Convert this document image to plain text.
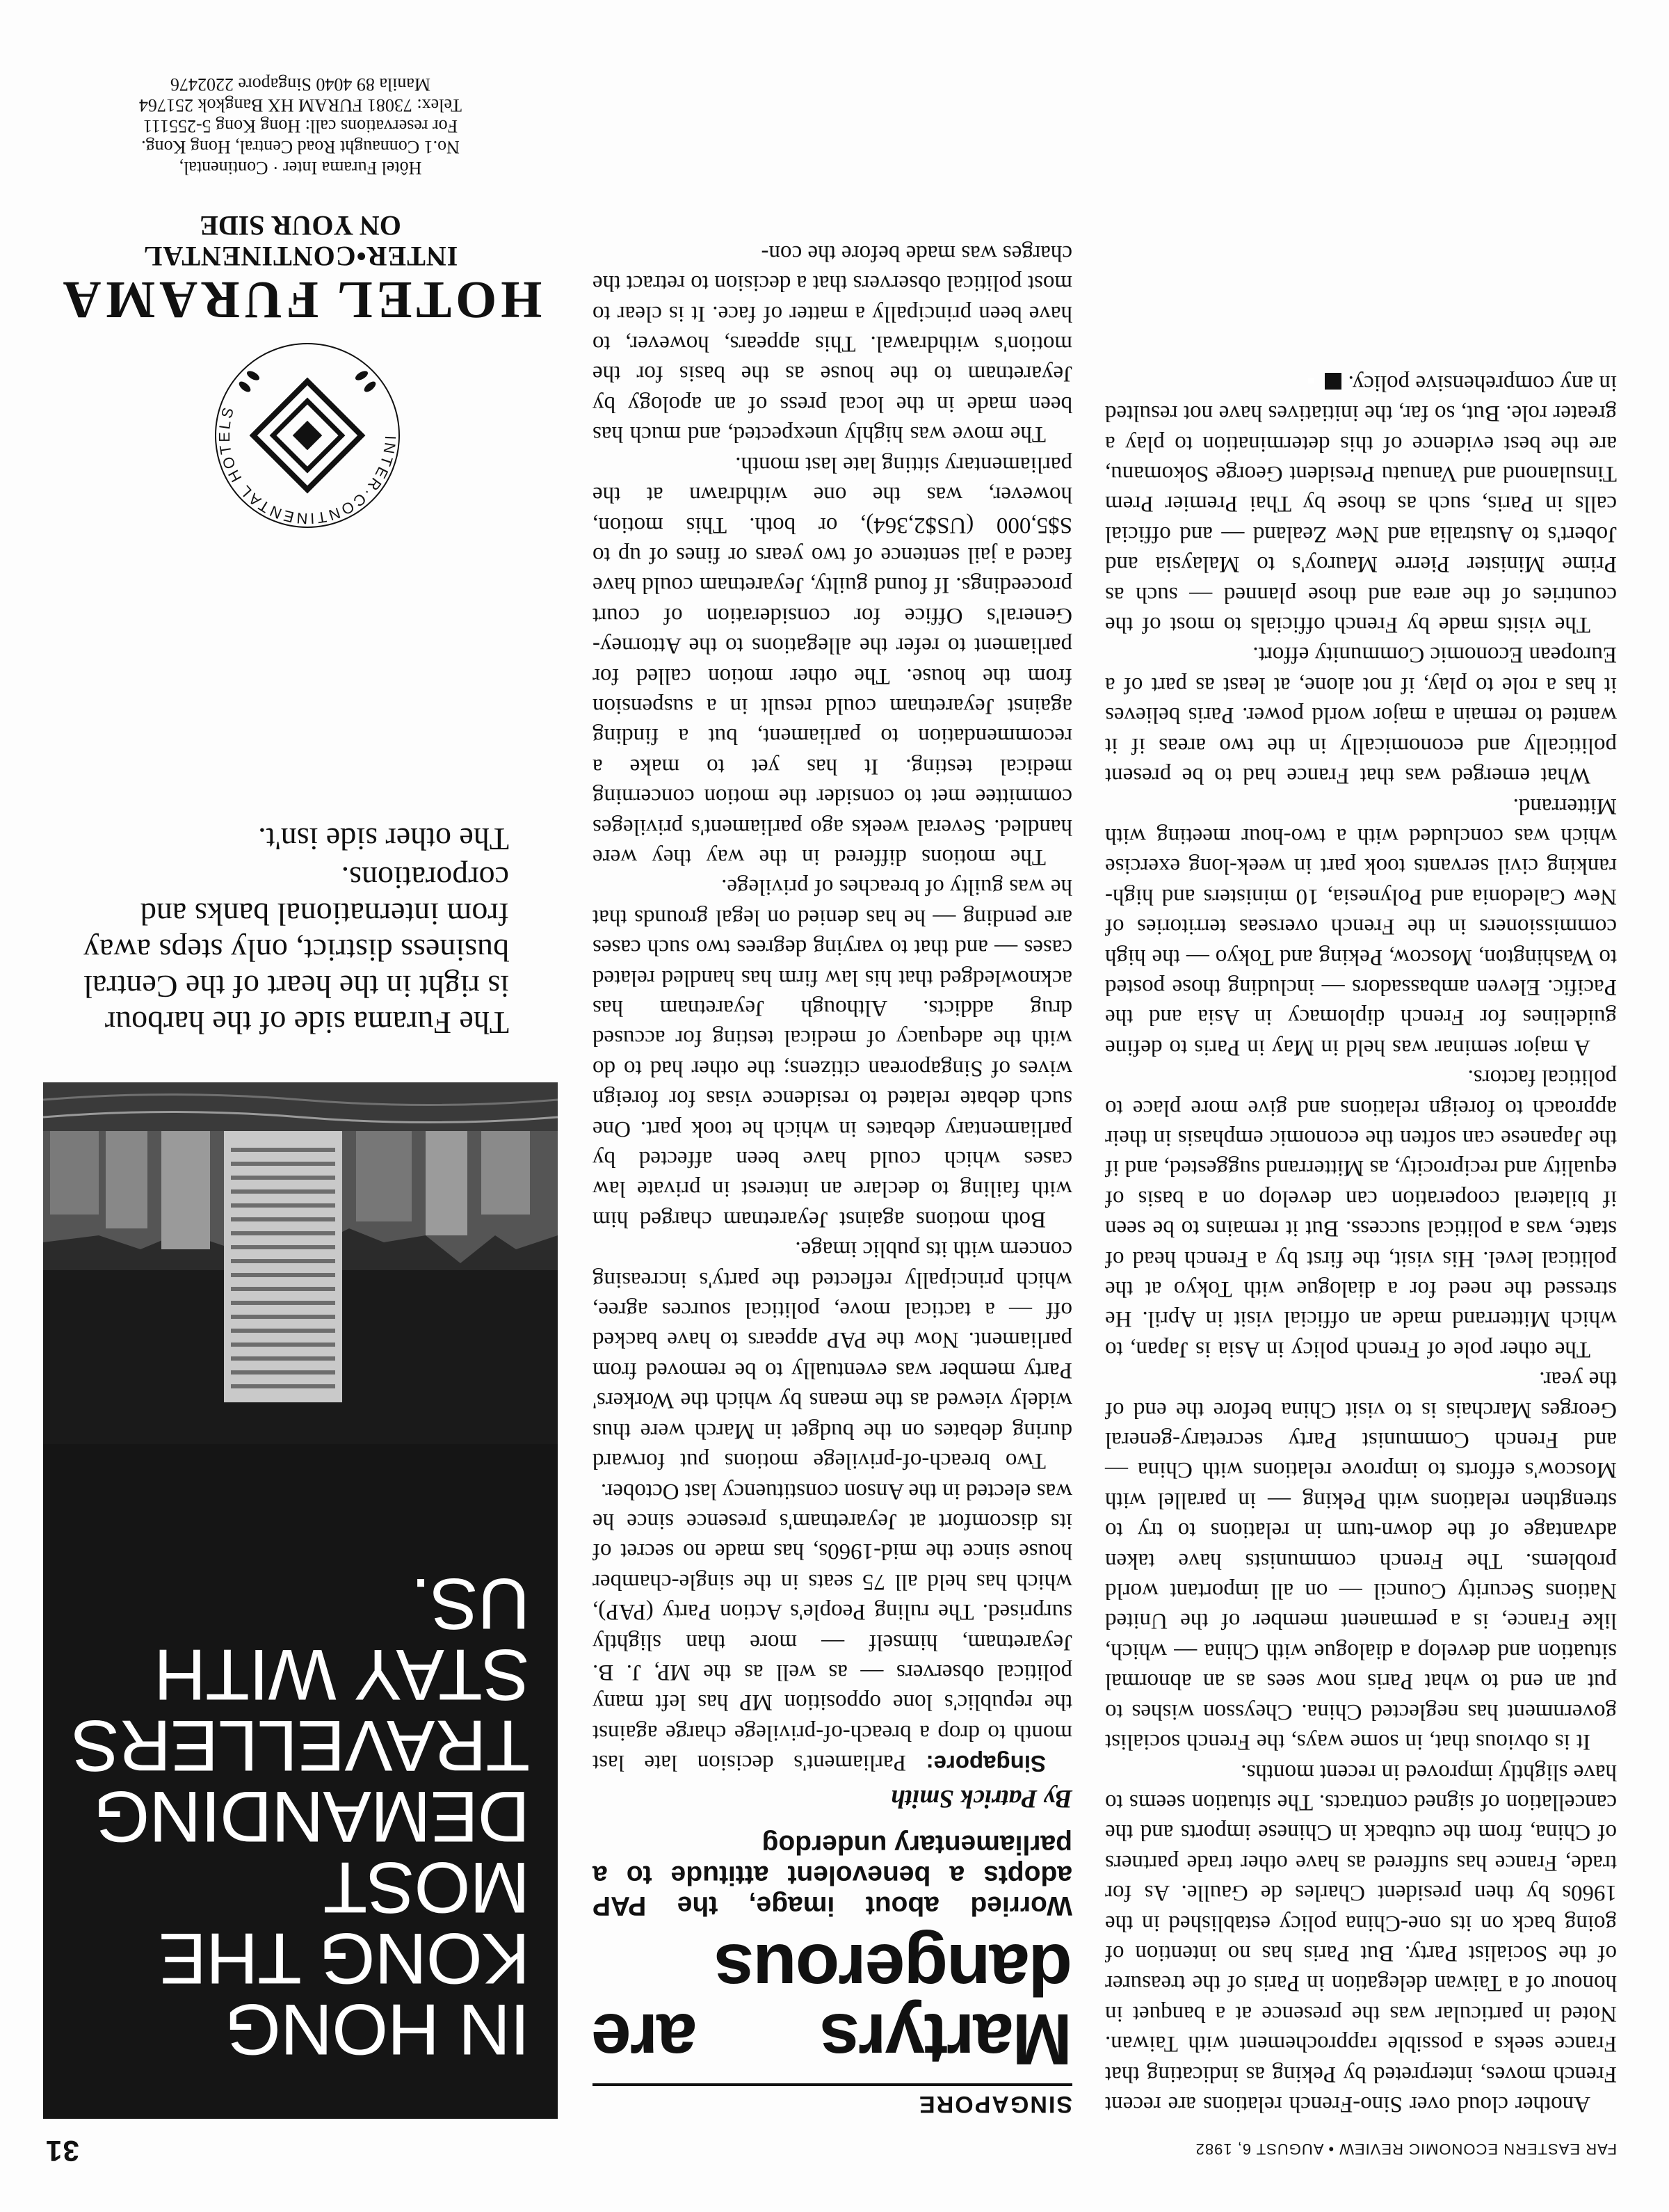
FAR EASTERN ECONOMIC REVIEW • AUGUST 6, 1982
31

Another cloud over Sino-French relations are recent French moves, interpreted by Peking as indicating that France seeks a possible rapprochement with Taiwan. Noted in particular was the presence at a banquet in honour of a Taiwan delegation in Paris of the treasurer of the Socialist Party. But Paris has no intention of going back on its one-China policy established in the 1960s by then president Charles de Gaulle. As for trade, France has suffered as have other trade partners of China, from the cutback in Chinese imports and the cancellation of signed contracts. The situation seems to have slightly improved in recent months.

It is obvious that, in some ways, the French socialist government has neglected China. Cheysson wishes to put an end to what Paris now sees as an abnormal situation and develop a dialogue with China — which, like France, is a permanent member of the United Nations Security Council — on all important world problems. The French communists have taken advantage of the down-turn in relations to try to strengthen relations with Peking — in parallel with Moscow's efforts to improve relations with China — and French Communist Party secretary-general Georges Marchais is to visit China before the end of the year.

The other pole of French policy in Asia is Japan, to which Mitterrand made an official visit in April. He stressed the need for a dialogue with Tokyo at the political level. His visit, the first by a French head of state, was a political success. But it remains to be seen if bilateral cooperation can develop on a basis of equality and reciprocity, as Mitterrand suggested, and if the Japanese can soften the economic emphasis in their approach to foreign relations and give more place to political factors.

A major seminar was held in May in Paris to define guidelines for French diplomacy in Asia and the Pacific. Eleven ambassadors — including those posted to Washington, Moscow, Peking and Tokyo — the high commissioners in the French overseas territories of New Caledonia and Polynesia, 10 ministers and high-ranking civil servants took part in week-long exercise which was concluded with a two-hour meeting with Mitterrand.

What emerged was that France had to be present politically and economically in the two areas if it wanted to remain a major world power. Paris believes it has a role to play, if not alone, at least as part of a European Economic Community effort.

The visits made by French officials to most of the countries of the area and those planned — such as Prime Minister Pierre Mauroy's to Malaysia and Jobert's to Australia and New Zealand — and official calls in Paris, such as those by Thai Premier Prem Tinsulanond and Vanuatu President George Sokomanu, are the best evidence of this determination to play a greater role. But, so far, the initiatives have not resulted in any comprehensive policy.■

SINGAPORE
Martyrs are dangerous
Worried about image, the PAP adopts a benevolent attitude to a parliamentary underdog
By Patrick Smith

Singapore: Parliament's decision late last month to drop a breach-of-privilege charge against the republic's lone opposition MP has left many political observers — as well as the MP, J. B. Jeyaretnam, himself — more than slightly surprised. The ruling People's Action Party (PAP), which has held all 75 seats in the single-chamber house since the mid-1960s, has made no secret of its discomfort at Jeyaretnam's presence since he was elected in the Anson constituency last October.

Two breach-of-privilege motions put forward during debates on the budget in March were thus widely viewed as the means by which the Workers' Party member was eventually to be removed from parliament. Now the PAP appears to have backed off — a tactical move, political sources agree, which principally reflected the party's increasing concern with its public image.

Both motions against Jeyaretnam charged him with failing to declare an interest in private law cases which could have been affected by parliamentary debates in which he took part. One such debate related to residence visas for foreign wives of Singaporean citizens; the other had to do with the adequacy of medical testing for accused drug addicts. Although Jeyaretnam has acknowledged that his law firm has handled related cases — and that to varying degrees two such cases are pending — he has denied on legal grounds that he was guilty of breaches of privilege.

The motions differed in the way they were handled. Several weeks ago parliament's privileges committee met to consider the motion concerning medical testing. It has yet to make a recommendation to parliament, but a finding against Jeyaretnam could result in a suspension from the house. The other motion called for parliament to refer the allegations to the Attorney-General's Office for consideration of court proceedings. If found guilty, Jeyaretnam could have faced a jail sentence of two years or fines of up to S$5,000 (US$2,364), or both. This motion, however, was the one withdrawn at the parliamentary sitting late last month.

The move was highly unexpected, and much has been made in the local press of an apology by Jeyaretnam to the house as the basis for the motion's withdrawal. This appears, however, to have been principally a matter of face. It is clear to most political observers that a decision to retract the charges was made before the con-

IN HONG KONG THE MOST DEMANDING TRAVELLERS STAY WITH US.

The Furama side of the harbour is right in the heart of the Central business district, only steps away from international banks and corporations.

The other side isn't.

INTER·CONTINENTAL HOTELS
HOTEL FURAMA
INTER•CONTINENTAL
ON YOUR SIDE
Hôtel Furama Inter · Continental,
No.1 Connaught Road Central, Hong Kong.
For reservations call: Hong Kong 5-255111
Telex: 73081 FURAM HX Bangkok 251764
Manila 89 4040 Singapore 2202476
